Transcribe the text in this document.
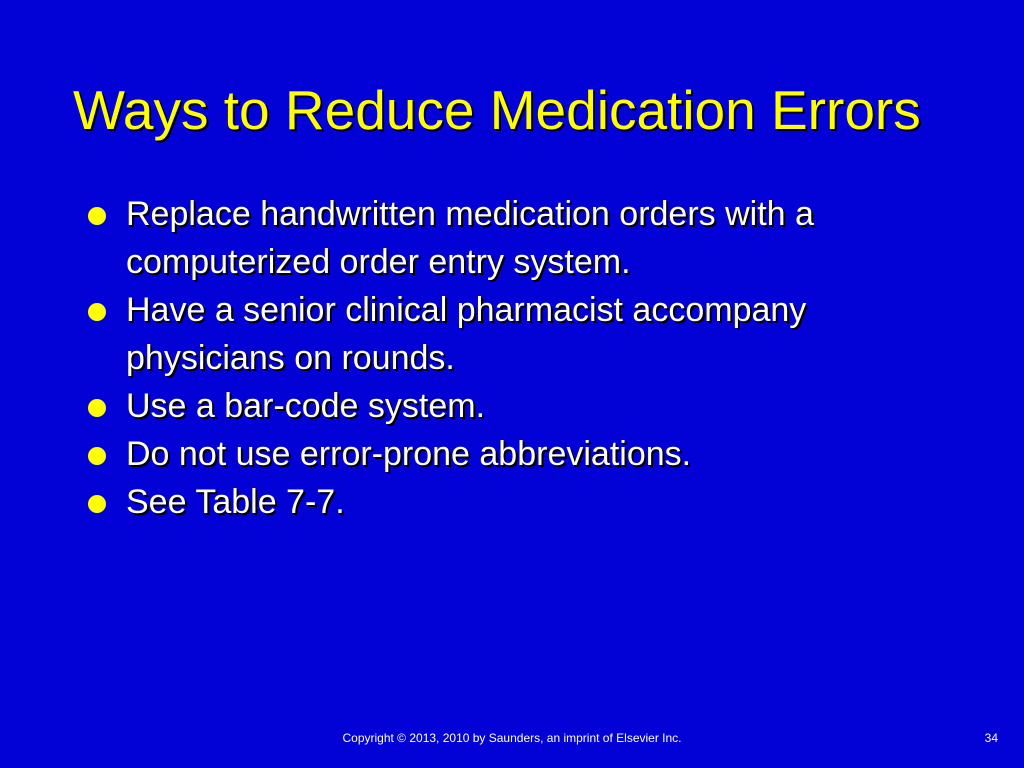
Ways to Reduce Medication Errors
Replace handwritten medication orders with a computerized order entry system.
Have a senior clinical pharmacist accompany physicians on rounds.
Use a bar-code system.
Do not use error-prone abbreviations.
See Table 7-7.
Copyright © 2013, 2010 by Saunders, an imprint of Elsevier Inc.	34
